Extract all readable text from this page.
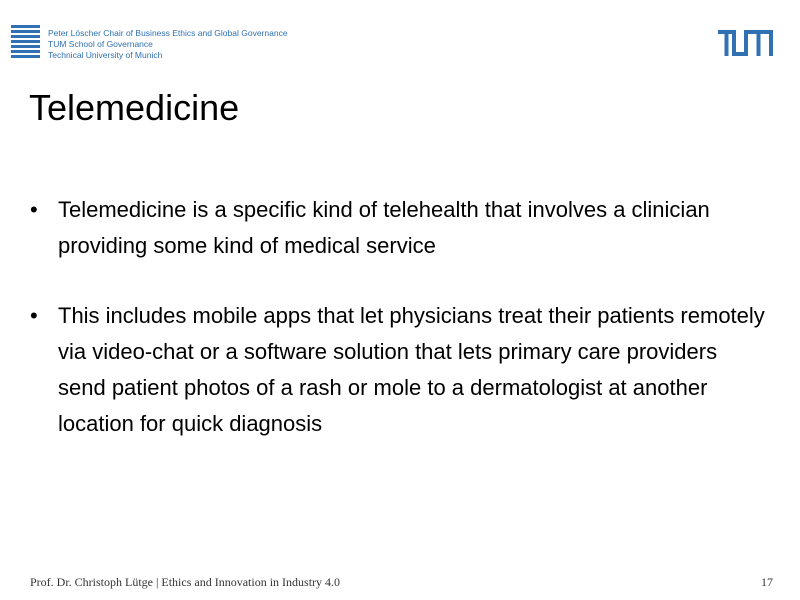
Peter Löscher Chair of Business Ethics and Global Governance
TUM School of Governance
Technical University of Munich
Telemedicine
• Telemedicine is a specific kind of telehealth that involves a clinician providing some kind of medical service
• This includes mobile apps that let physicians treat their patients remotely via video-chat or a software solution that lets primary care providers send patient photos of a rash or mole to a dermatologist at another location for quick diagnosis
Prof. Dr. Christoph Lütge | Ethics and Innovation in Industry 4.0	17
